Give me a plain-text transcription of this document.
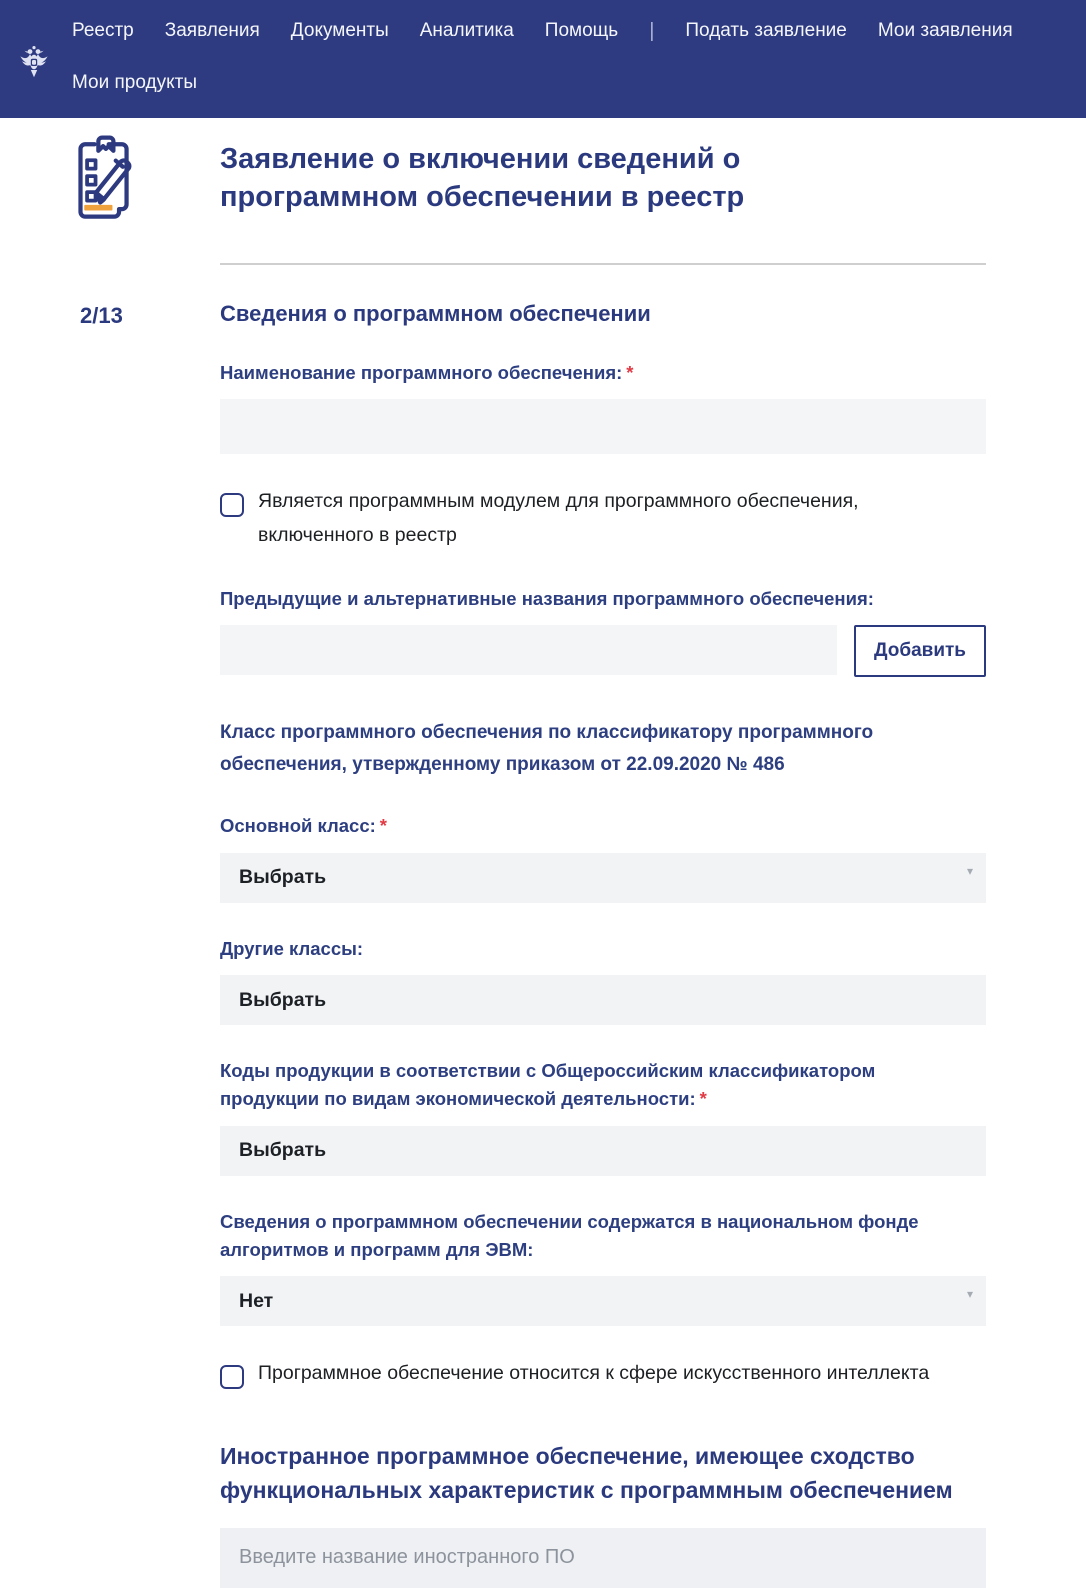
Реестр Заявления Документы Аналитика Помощь | Подать заявление Мои заявления
Мои продукты
Заявление о включении сведений о программном обеспечении в реестр
2/13	Сведения о программном обеспечении
Наименование программного обеспечения: *
Является программным модулем для программного обеспечения, включенного в реестр
Предыдущие и альтернативные названия программного обеспечения:
Добавить
Класс программного обеспечения по классификатору программного обеспечения, утвержденному приказом от 22.09.2020 № 486
Основной класс: *
Выбрать	▾
Другие классы:
Выбрать
Коды продукции в соответствии с Общероссийским классификатором продукции по видам экономической деятельности: *
Выбрать
Сведения о программном обеспечении содержатся в национальном фонде алгоритмов и программ для ЭВМ:
Нет	▾
Программное обеспечение относится к сфере искусственного интеллекта
Иностранное программное обеспечение, имеющее сходство функциональных характеристик с программным обеспечением
Введите название иностранного ПО
